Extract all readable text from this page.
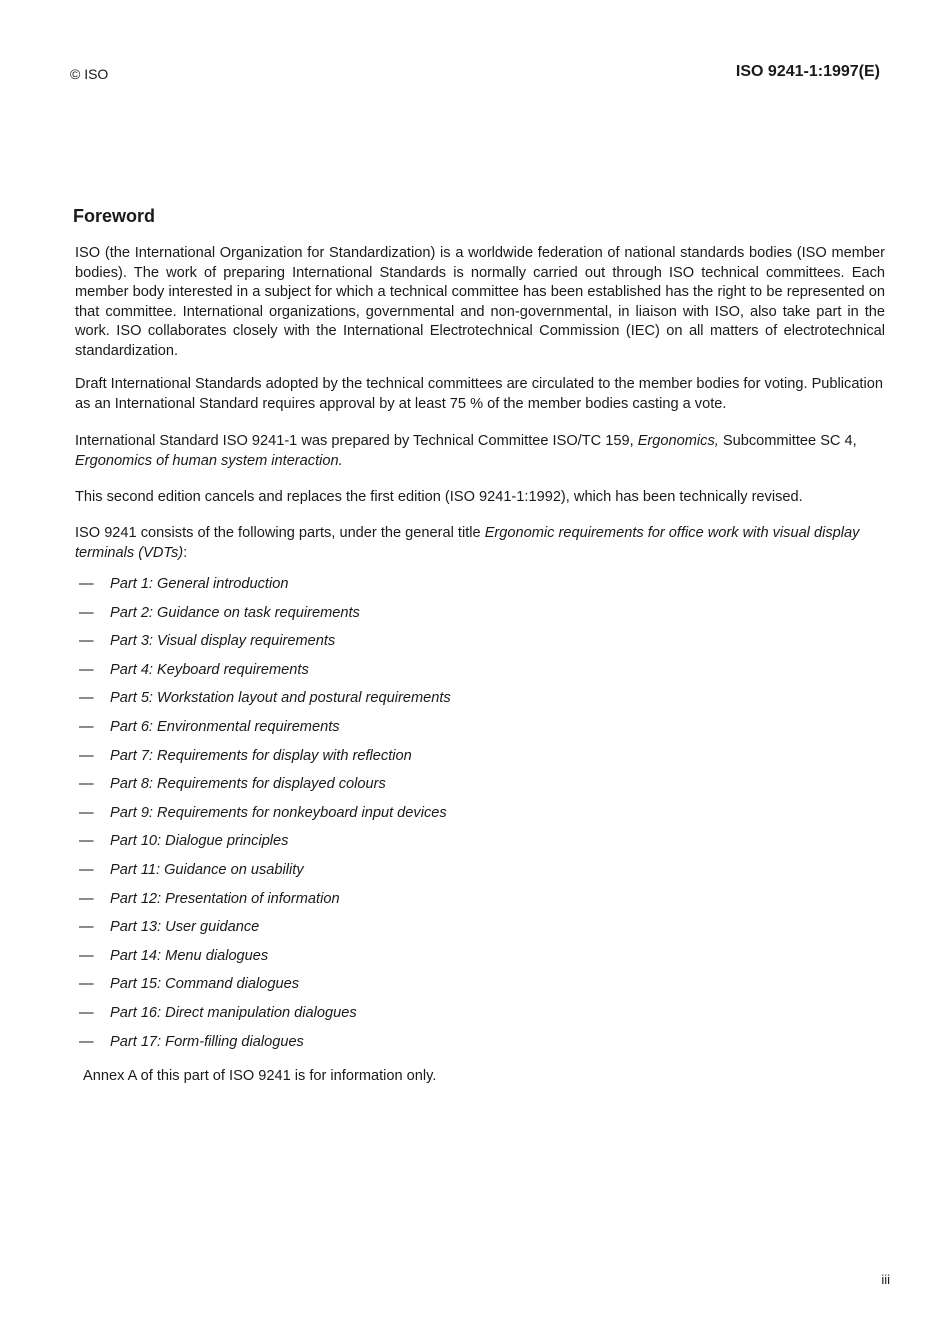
© ISO	ISO 9241-1:1997(E)
Foreword

ISO (the International Organization for Standardization) is a worldwide federation of national standards bodies (ISO member bodies). The work of preparing International Standards is normally carried out through ISO technical committees. Each member body interested in a subject for which a technical committee has been established has the right to be represented on that committee. International organizations, governmental and non-governmental, in liaison with ISO, also take part in the work. ISO collaborates closely with the International Electrotechnical Commission (IEC) on all matters of electrotechnical standardization.

Draft International Standards adopted by the technical committees are circulated to the member bodies for voting. Publication as an International Standard requires approval by at least 75 % of the member bodies casting a vote.

International Standard ISO 9241-1 was prepared by Technical Committee ISO/TC 159, Ergonomics, Subcommittee SC 4, Ergonomics of human system interaction.

This second edition cancels and replaces the first edition (ISO 9241-1:1992), which has been technically revised.

ISO 9241 consists of the following parts, under the general title Ergonomic requirements for office work with visual display terminals (VDTs):

—	Part 1: General introduction
—	Part 2: Guidance on task requirements
—	Part 3: Visual display requirements
—	Part 4: Keyboard requirements
—	Part 5: Workstation layout and postural requirements
—	Part 6: Environmental requirements
—	Part 7: Requirements for display with reflection
—	Part 8: Requirements for displayed colours
—	Part 9: Requirements for nonkeyboard input devices
—	Part 10: Dialogue principles
—	Part 11: Guidance on usability
—	Part 12: Presentation of information
—	Part 13: User guidance
—	Part 14: Menu dialogues
—	Part 15: Command dialogues
—	Part 16: Direct manipulation dialogues
—	Part 17: Form-filling dialogues
Annex A of this part of ISO 9241 is for information only.
iii
